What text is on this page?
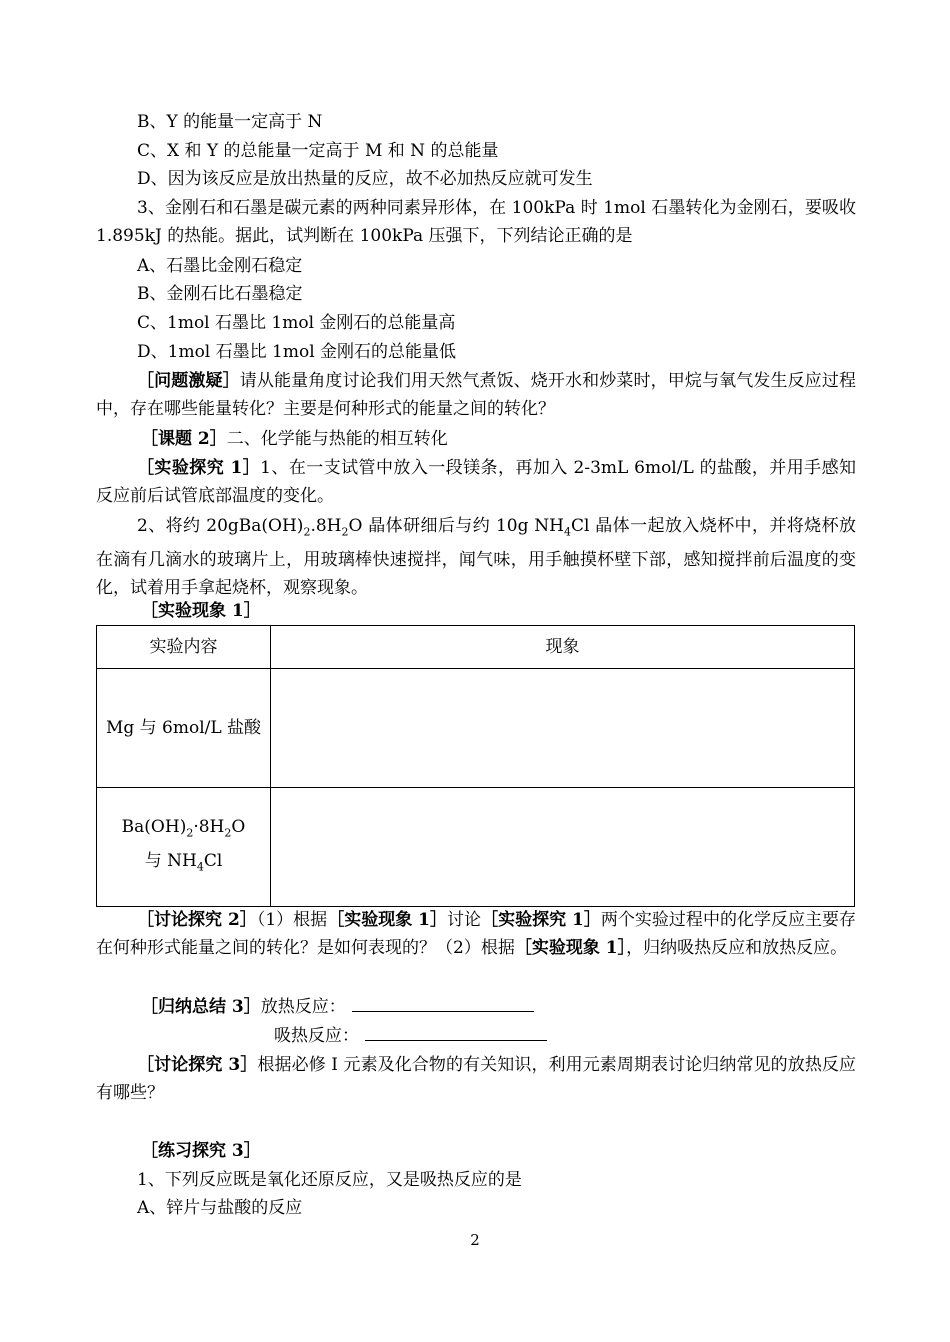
B、Y 的能量一定高于 N
C、X 和 Y 的总能量一定高于 M 和 N 的总能量
D、因为该反应是放出热量的反应，故不必加热反应就可发生
3、金刚石和石墨是碳元素的两种同素异形体，在 100kPa 时 1mol 石墨转化为金刚石，要吸收 1.895kJ 的热能。据此，试判断在 100kPa 压强下，下列结论正确的是
A、石墨比金刚石稳定
B、金刚石比石墨稳定
C、1mol 石墨比 1mol 金刚石的总能量高
D、1mol 石墨比 1mol 金刚石的总能量低
［问题激疑］请从能量角度讨论我们用天然气煮饭、烧开水和炒菜时，甲烷与氧气发生反应过程中，存在哪些能量转化？主要是何种形式的能量之间的转化？
［课题 2］二、化学能与热能的相互转化
［实验探究 1］1、在一支试管中放入一段镁条，再加入 2-3mL 6mol/L 的盐酸，并用手感知反应前后试管底部温度的变化。
2、将约 $20gBa(OH)_2.8H_2O$ 晶体研细后与约 10g $NH_4Cl$ 晶体一起放入烧杯中，并将烧杯放在滴有几滴水的玻璃片上，用玻璃棒快速搅拌，闻气味，用手触摸杯壁下部，感知搅拌前后温度的变化，试着用手拿起烧杯，观察现象。
［实验现象 1］
实验内容	现象
Mg 与 6mol/L 盐酸	

$Ba(OH)_2\cdot 8H_2O$
与 $NH_4Cl$	

［讨论探究 2］（1）根据［实验现象 1］讨论［实验探究 1］两个实验过程中的化学反应主要存在何种形式能量之间的转化？是如何表现的？（2）根据［实验现象 1］，归纳吸热反应和放热反应。
［归纳总结 3］放热反应：
吸热反应：
［讨论探究 3］根据必修 I 元素及化合物的有关知识，利用元素周期表讨论归纳常见的放热反应有哪些？
［练习探究 3］
1、下列反应既是氧化还原反应，又是吸热反应的是
A、锌片与盐酸的反应
2
